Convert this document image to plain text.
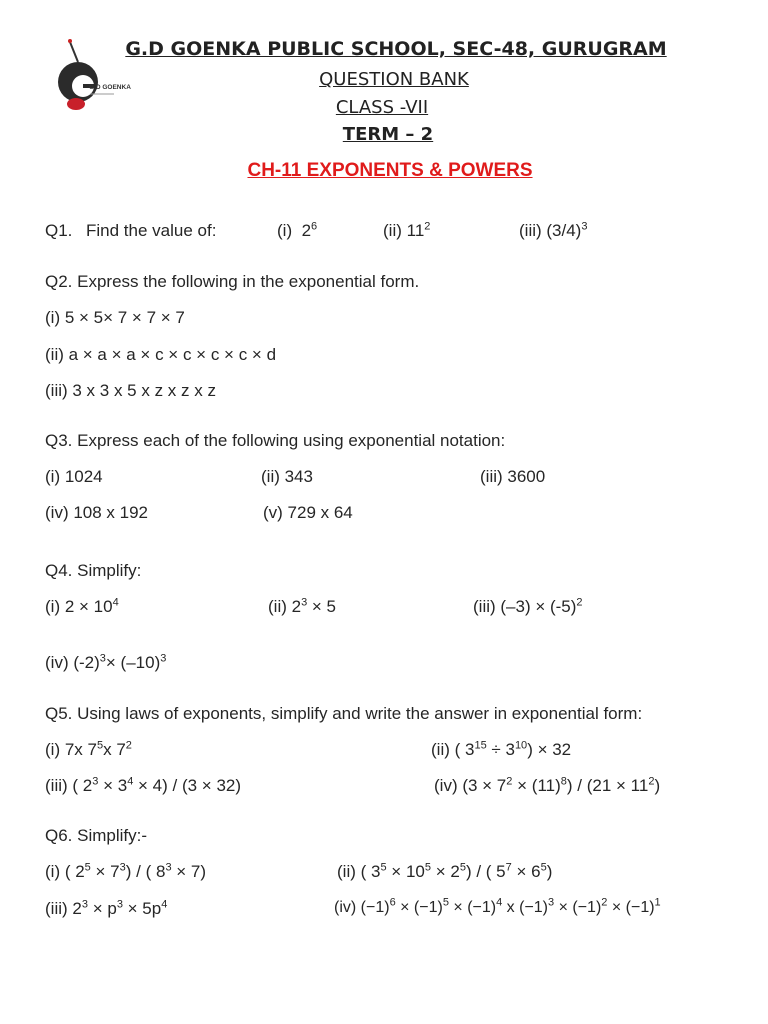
G.D GOENKA
G.D GOENKA PUBLIC SCHOOL, SEC-48, GURUGRAM
QUESTION BANK
CLASS -VII
TERM – 2
CH-11 EXPONENTS & POWERS
Q1. Find the value of:	(i) $2^6$	(ii) $11^2$	(iii) $(3/4)^3$
Q2. Express the following in the exponential form.
(i) 5 × 5× 7 × 7 × 7
(ii) a × a × a × c × c × c × c × d
(iii) 3 x 3 x 5 x z x z x z
Q3. Express each of the following using exponential notation:
(i) 1024	(ii) 343	(iii) 3600
(iv) 108 x 192	(v) 729 x 64
Q4. Simplify:
(i) $2 \times 10^4$	(ii) $2^3 \times 5$	(iii) $(-3) \times (-5)^2$
(iv) $(-2)^3\times (-10)^3$
Q5. Using laws of exponents, simplify and write the answer in exponential form:
(i) 7x $7^5x$ $7^2$	(ii) ( $3^{15} \div 3^{10}) \times 32$
(iii) ( $2^3 \times 3^4 \times 4) / (3 \times 32)$	(iv) $(3 \times 7^2 \times (11)^8) / (21 \times 11^2)$
Q6. Simplify:-
(i) ( $2^5 \times 7^3$) / ( $8^3 \times 7$)	(ii) ( $3^5 \times 10^5 \times 2^5$) / ( $5^7 \times 6^5$)
(iii) $2^3 \times p^3 \times 5p^4$	(iv) $(-1)^6 \times (-1)^5 \times (-1)^4$ x $(-1)^3 \times (-1)^2 \times (-1)^1$
